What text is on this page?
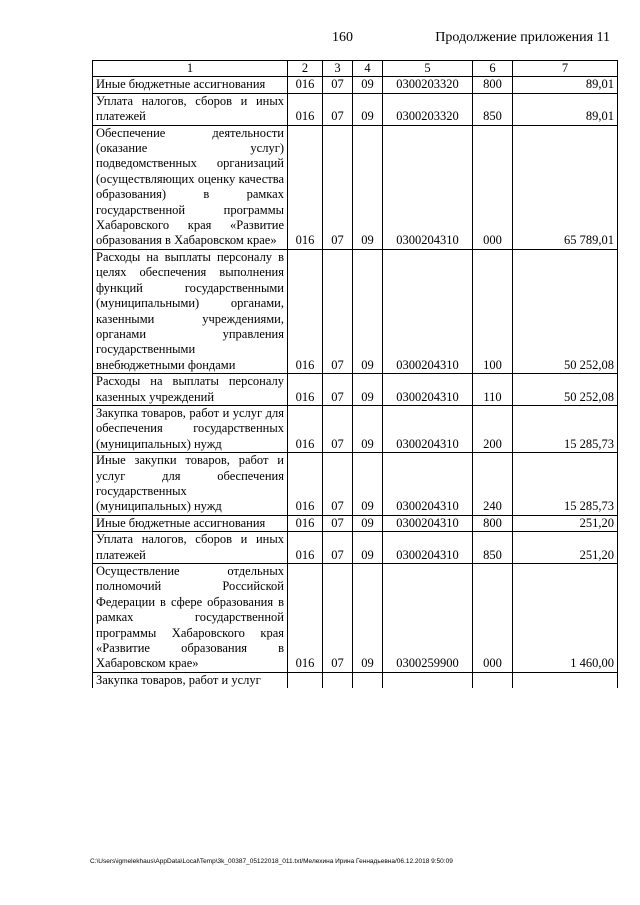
160	Продолжение приложения 11
1	2	3	4	5	6	7
Иные бюджетные ассигнования	016	07	09	0300203320	800	89,01
Уплата налогов, сборов и иных платежей	016	07	09	0300203320	850	89,01
Обеспечение деятельности (оказание услуг) подведомственных организаций (осуществляющих оценку качества образования) в рамках государственной программы Хабаровского края «Развитие образования в Хабаровском крае»	016	07	09	0300204310	000	65 789,01
Расходы на выплаты персоналу в целях обеспечения выполнения функций государственными (муниципальными) органами, казенными учреждениями, органами управления государственными внебюджетными фондами	016	07	09	0300204310	100	50 252,08
Расходы на выплаты персоналу казенных учреждений	016	07	09	0300204310	110	50 252,08
Закупка товаров, работ и услуг для обеспечения государственных (муниципальных) нужд	016	07	09	0300204310	200	15 285,73
Иные закупки товаров, работ и услуг для обеспечения государственных (муниципальных) нужд	016	07	09	0300204310	240	15 285,73
Иные бюджетные ассигнования	016	07	09	0300204310	800	251,20
Уплата налогов, сборов и иных платежей	016	07	09	0300204310	850	251,20
Осуществление отдельных полномочий Российской Федерации в сфере образования в рамках государственной программы Хабаровского края «Развитие образования в Хабаровском крае»	016	07	09	0300259900	000	1 460,00
Закупка товаров, работ и услуг						
C:\Users\igmelekhaus\AppData\Local\Temp\3k_00387_05122018_011.txt/Мелехина Ирина Геннадьевна/06.12.2018 9:50:09
